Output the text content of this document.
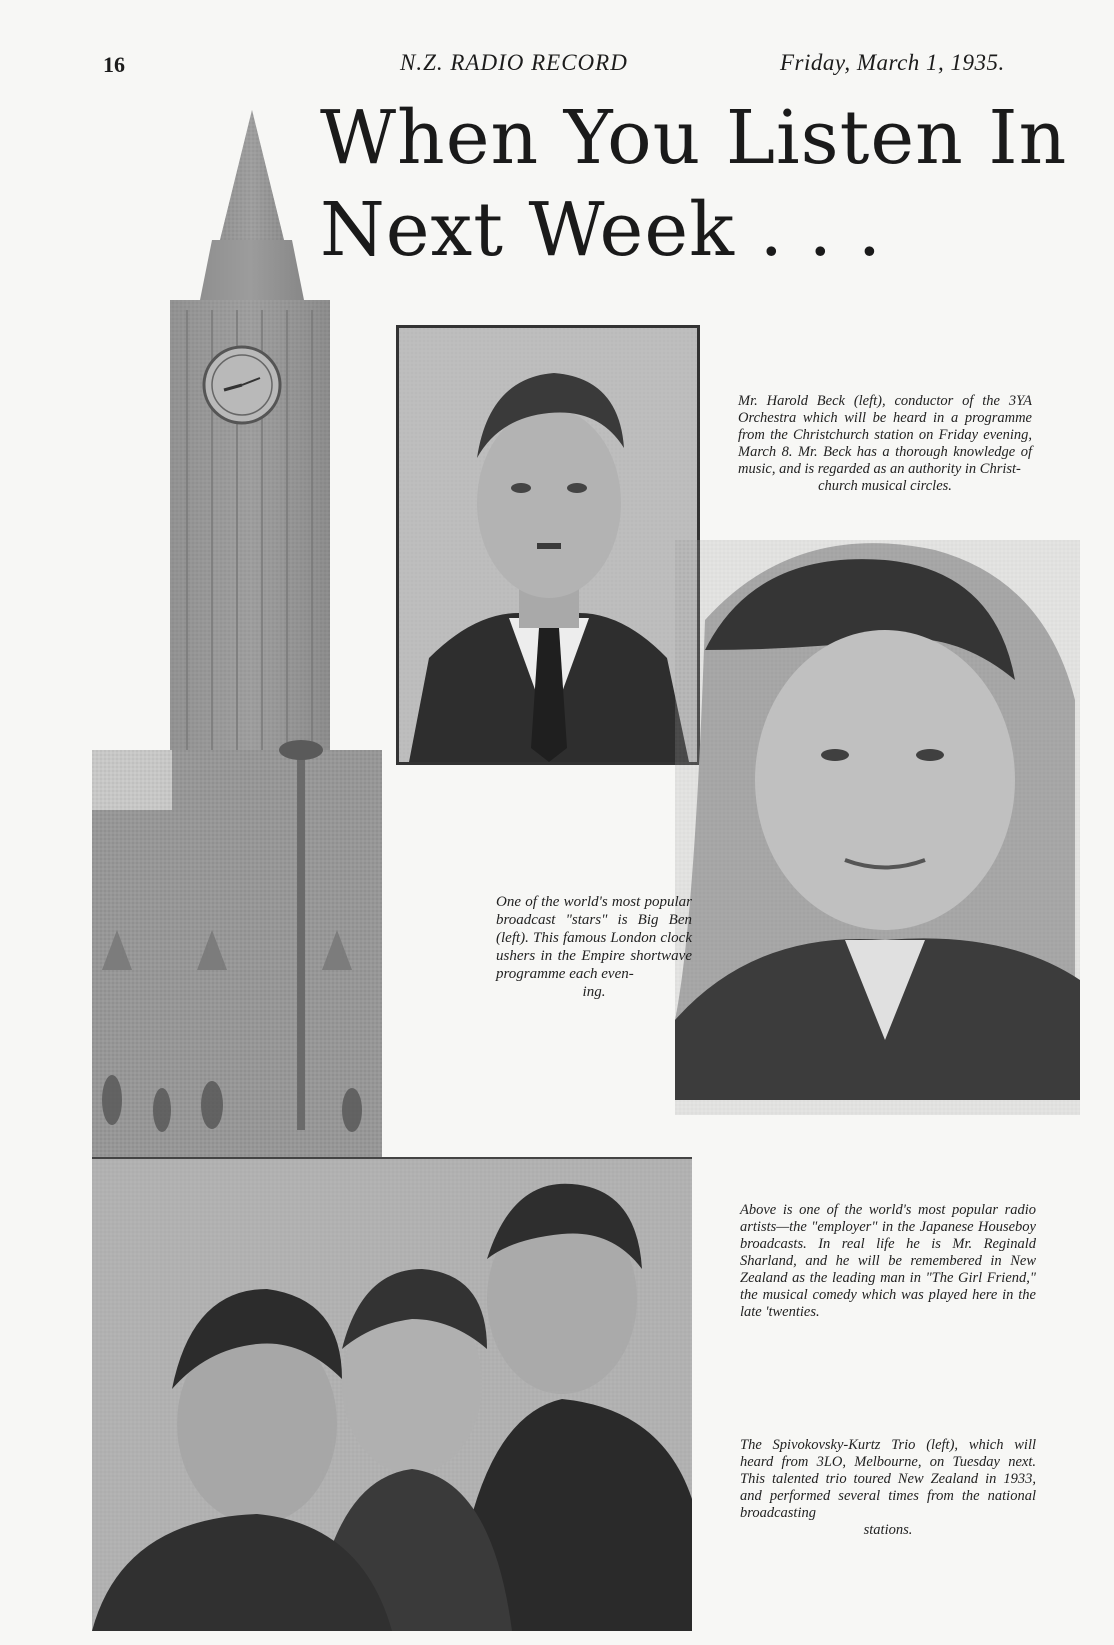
16	N.Z. RADIO RECORD	Friday, March 1, 1935.
When You Listen In
Next Week . . .
Mr. Harold Beck (left), conductor of the 3YA Orchestra which will be heard in a programme from the Christchurch station on Friday evening, March 8. Mr. Beck has a thorough knowledge of music, and is regarded as an authority in Christ-
church musical circles.
One of the world's most popular broadcast "stars" is Big Ben (left). This famous London clock ushers in the Empire shortwave programme each even-
ing.
Above is one of the world's most popular radio artists—the "employer" in the Japanese Houseboy broadcasts. In real life he is Mr. Reginald Sharland, and he will be remembered in New Zealand as the leading man in "The Girl Friend," the musical comedy which was played here in the late 'twenties.
The Spivokovsky-Kurtz Trio (left), which will heard from 3LO, Melbourne, on Tuesday next. This talented trio toured New Zealand in 1933, and performed several times from the national broadcasting
stations.
